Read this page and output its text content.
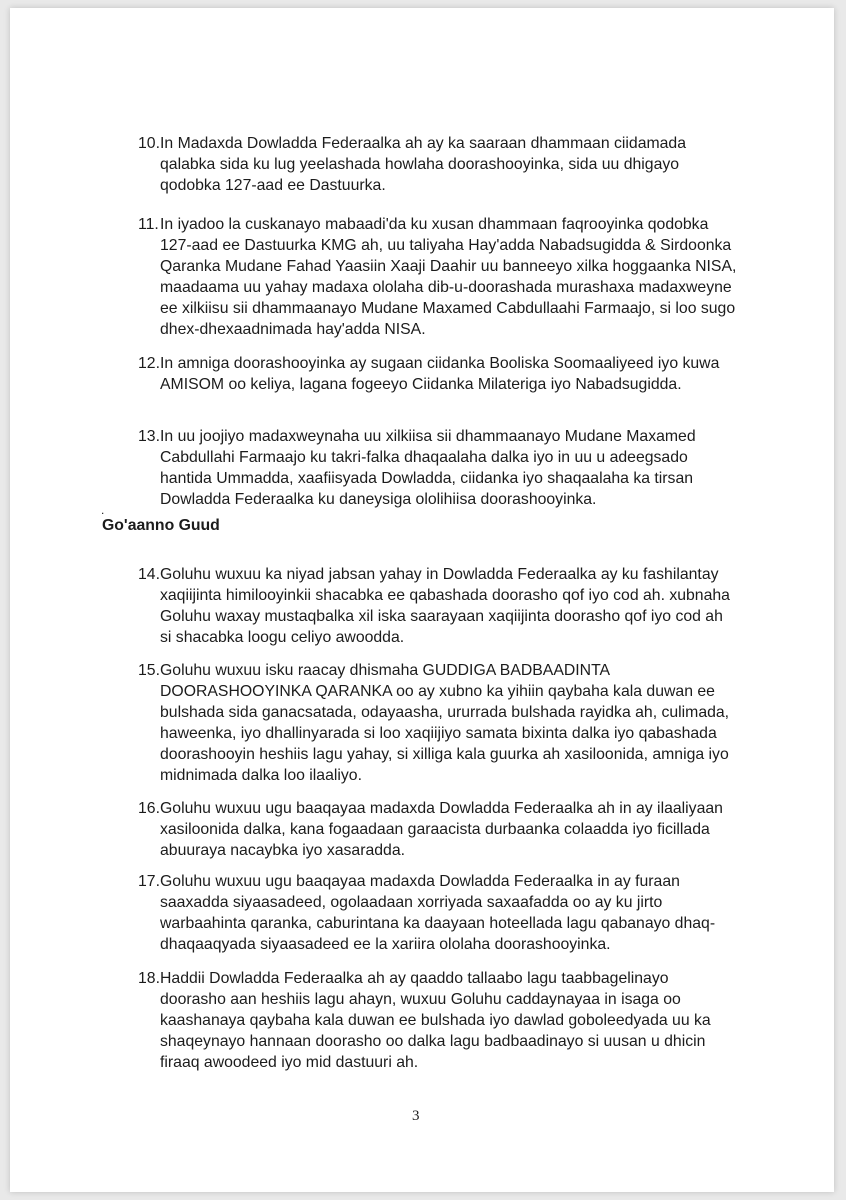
10. In Madaxda Dowladda Federaalka ah ay ka saaraan dhammaan ciidamada qalabka sida ku lug yeelashada howlaha doorashooyinka, sida uu dhigayo qodobka 127-aad ee Dastuurka.
11. In iyadoo la cuskanayo mabaadi'da ku xusan dhammaan faqrooyinka qodobka 127-aad ee Dastuurka KMG ah, uu taliyaha Hay'adda Nabadsugidda & Sirdoonka Qaranka Mudane Fahad Yaasiin Xaaji Daahir uu banneeyo xilka hoggaanka NISA, maadaama uu yahay madaxa ololaha dib-u-doorashada murashaxa madaxweyne ee xilkiisu sii dhammaanayo Mudane Maxamed Cabdullaahi Farmaajo, si loo sugo dhex-dhexaadnimada hay'adda NISA.
12. In amniga doorashooyinka ay sugaan ciidanka Booliska Soomaaliyeed iyo kuwa AMISOM oo keliya, lagana fogeeyo Ciidanka Milateriga iyo Nabadsugidda.
13. In uu joojiyo madaxweynaha uu xilkiisa sii dhammaanayo Mudane Maxamed Cabdullahi Farmaajo ku takri-falka dhaqaalaha dalka iyo in uu u adeegsado hantida Ummadda, xaafiisyada Dowladda, ciidanka iyo shaqaalaha ka tirsan Dowladda Federaalka ku daneysiga ololihiisa doorashooyinka.
.
Go'aanno Guud
14. Goluhu wuxuu ka niyad jabsan yahay in Dowladda Federaalka ay ku fashilantay xaqiijinta himilooyinkii shacabka ee qabashada doorasho qof iyo cod ah. xubnaha Goluhu waxay mustaqbalka xil iska saarayaan xaqiijinta doorasho qof iyo cod ah si shacabka loogu celiyo awoodda.
15. Goluhu wuxuu isku raacay dhismaha GUDDIGA BADBAADINTA DOORASHOOYINKA QARANKA oo ay xubno ka yihiin qaybaha kala duwan ee bulshada sida ganacsatada, odayaasha, ururrada bulshada rayidka ah, culimada, haweenka, iyo dhallinyarada si loo xaqiijiyo samata bixinta dalka iyo qabashada doorashooyin heshiis lagu yahay, si xilliga kala guurka ah xasiloonida, amniga iyo midnimada dalka loo ilaaliyo.
16. Goluhu wuxuu ugu baaqayaa madaxda Dowladda Federaalka ah in ay ilaaliyaan xasiloonida dalka, kana fogaadaan garaacista durbaanka colaadda iyo ficillada abuuraya nacaybka iyo xasaradda.
17. Goluhu wuxuu ugu baaqayaa madaxda Dowladda Federaalka in ay furaan saaxadda siyaasadeed, ogolaadaan xorriyada saxaafadda oo ay ku jirto warbaahinta qaranka, caburintana ka daayaan hoteellada lagu qabanayo dhaq-dhaqaaqyada siyaasadeed ee la xariira ololaha doorashooyinka.
18. Haddii Dowladda Federaalka ah ay qaaddo tallaabo lagu taabbagelinayo doorasho aan heshiis lagu ahayn, wuxuu Goluhu caddaynayaa in isaga oo kaashanaya qaybaha kala duwan ee bulshada iyo dawlad goboleedyada uu ka shaqeynayo hannaan doorasho oo dalka lagu badbaadinayo si uusan u dhicin firaaq awoodeed iyo mid dastuuri ah.
3
